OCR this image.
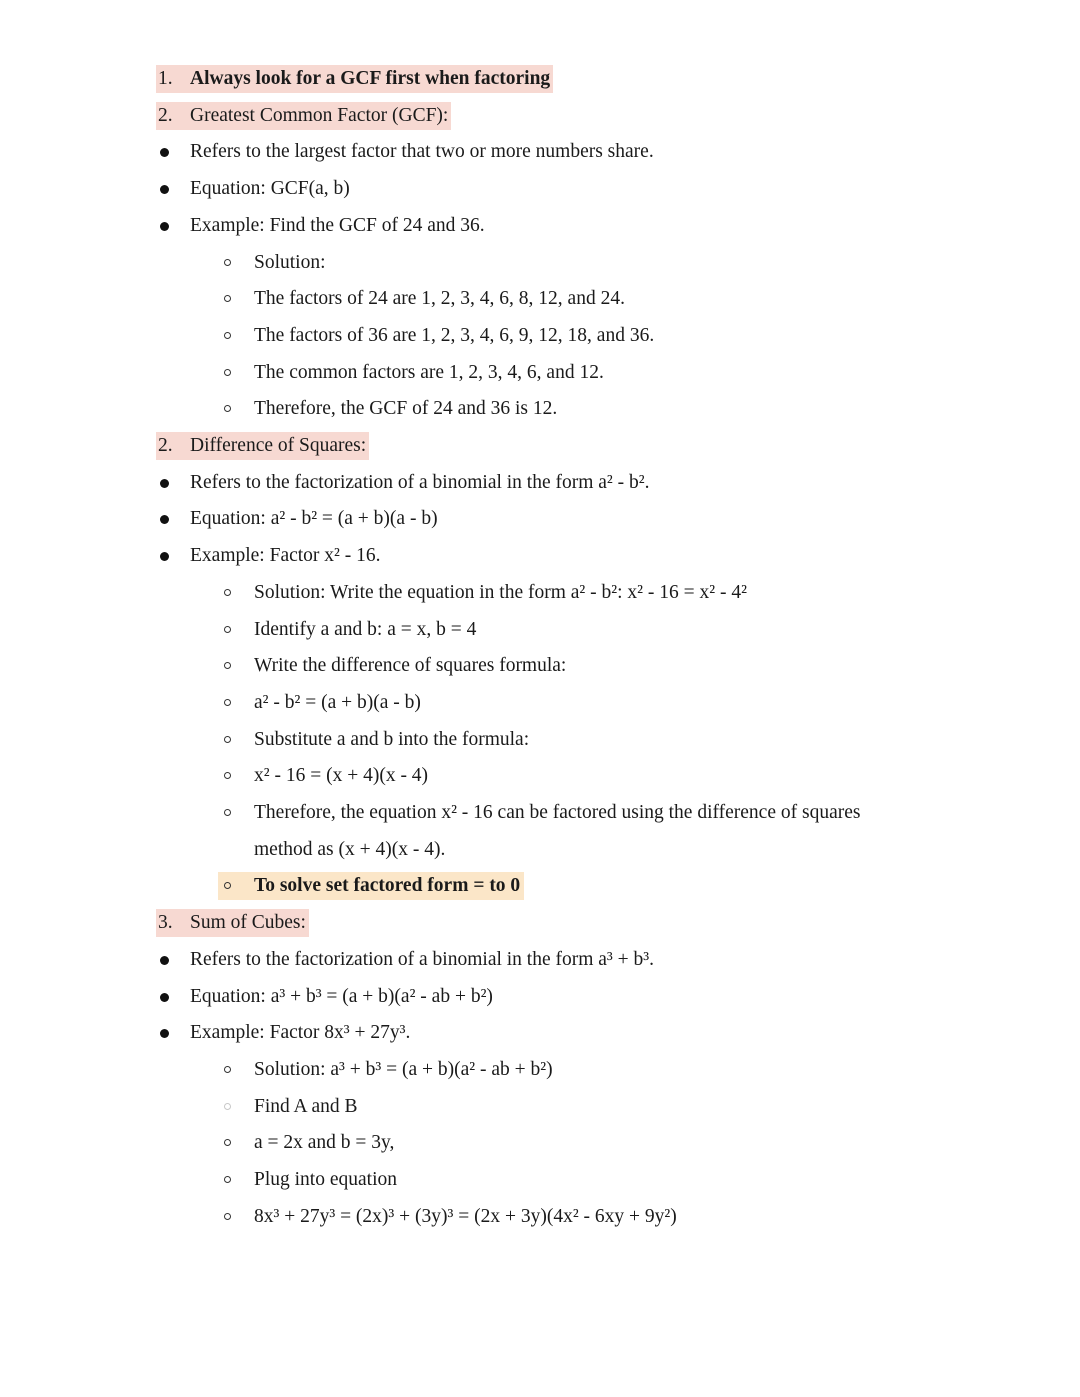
1. Always look for a GCF first when factoring
2. Greatest Common Factor (GCF):
Refers to the largest factor that two or more numbers share.
Equation: GCF(a, b)
Example: Find the GCF of 24 and 36.
Solution:
The factors of 24 are 1, 2, 3, 4, 6, 8, 12, and 24.
The factors of 36 are 1, 2, 3, 4, 6, 9, 12, 18, and 36.
The common factors are 1, 2, 3, 4, 6, and 12.
Therefore, the GCF of 24 and 36 is 12.
2. Difference of Squares:
Refers to the factorization of a binomial in the form a² - b².
Equation: a² - b² = (a + b)(a - b)
Example: Factor x² - 16.
Solution: Write the equation in the form a² - b²: x² - 16 = x² - 4²
Identify a and b: a = x, b = 4
Write the difference of squares formula:
a² - b² = (a + b)(a - b)
Substitute a and b into the formula:
x² - 16 = (x + 4)(x - 4)
Therefore, the equation x² - 16 can be factored using the difference of squares
method as (x + 4)(x - 4).
To solve set factored form = to 0
3. Sum of Cubes:
Refers to the factorization of a binomial in the form a³ + b³.
Equation: a³ + b³ = (a + b)(a² - ab + b²)
Example: Factor 8x³ + 27y³.
Solution: a³ + b³ = (a + b)(a² - ab + b²)
Find A and B
a = 2x and b = 3y,
Plug into equation
8x³ + 27y³ = (2x)³ + (3y)³ = (2x + 3y)(4x² - 6xy + 9y²)
